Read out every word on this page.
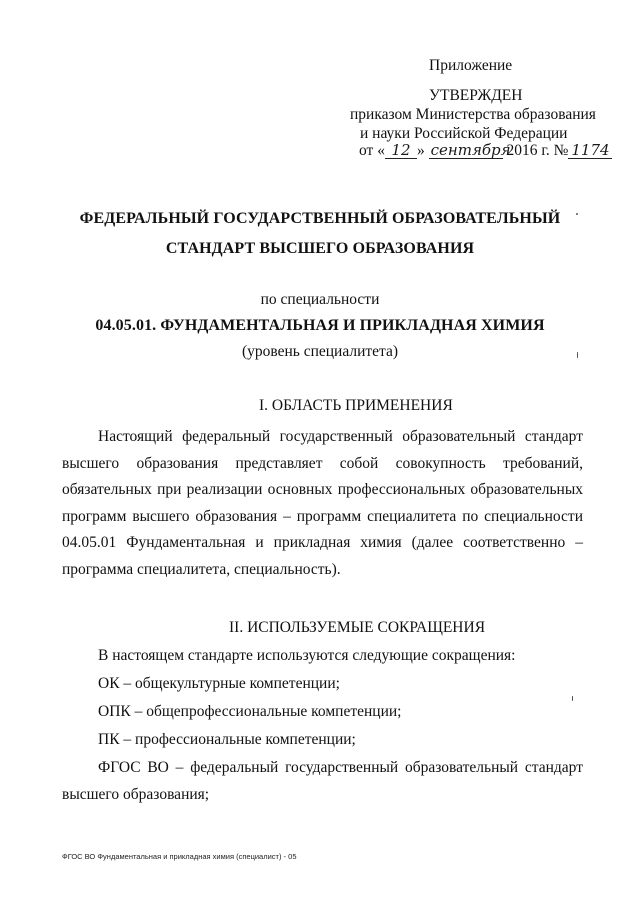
Приложение
УТВЕРЖДЕН
приказом Министерства образования
и науки Российской Федерации
от « 12 » сентября 2016 г. № 1174
ФЕДЕРАЛЬНЫЙ ГОСУДАРСТВЕННЫЙ ОБРАЗОВАТЕЛЬНЫЙ
СТАНДАРТ ВЫСШЕГО ОБРАЗОВАНИЯ
по специальности
04.05.01. ФУНДАМЕНТАЛЬНАЯ И ПРИКЛАДНАЯ ХИМИЯ
(уровень специалитета)
I. ОБЛАСТЬ ПРИМЕНЕНИЯ
Настоящий федеральный государственный образовательный стандарт высшего образования представляет собой совокупность требований, обязательных при реализации основных профессиональных образовательных программ высшего образования – программ специалитета по специальности 04.05.01 Фундаментальная и прикладная химия (далее соответственно – программа специалитета, специальность).
II. ИСПОЛЬЗУЕМЫЕ СОКРАЩЕНИЯ
В настоящем стандарте используются следующие сокращения:
ОК – общекультурные компетенции;
ОПК – общепрофессиональные компетенции;
ПК – профессиональные компетенции;
ФГОС ВО – федеральный государственный образовательный стандарт
высшего образования;
ФГОС ВО Фундаментальная и прикладная химия (специалист) - 05
